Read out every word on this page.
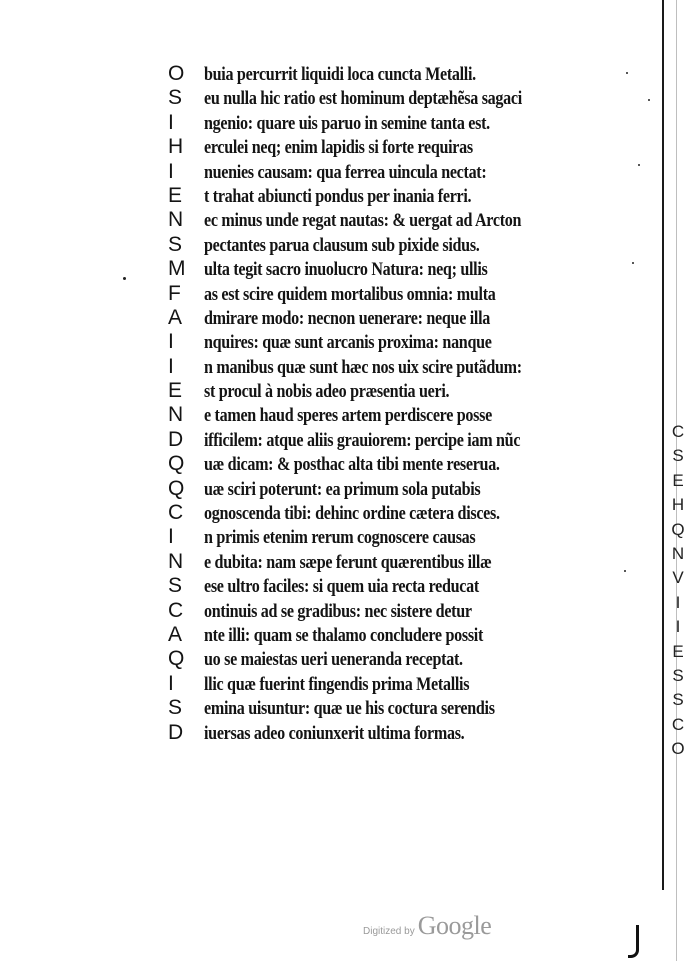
O	buia percurrit liquidi loca cuncta Metalli.
S	eu nulla hic ratio est hominum deptæhẽsa sagaci
I	ngenio: quare uis paruo in semine tanta est.
H	erculei neq; enim lapidis si forte requiras
I	nuenies causam: qua ferrea uincula nectat:
E	t trahat abiuncti pondus per inania ferri.
N	ec minus unde regat nautas: & uergat ad Arcton
S	pectantes parua clausum sub pixide sidus.
M	ulta tegit sacro inuolucro Natura: neq; ullis
F	as est scire quidem mortalibus omnia: multa
A	dmirare modo: necnon uenerare: neque illa
I	nquires: quæ sunt arcanis proxima: nanque
I	n manibus quæ sunt hæc nos uix scire putãdum:
E	st procul à nobis adeo præsentia ueri.
N	e tamen haud speres artem perdiscere posse
D	ifficilem: atque aliis grauiorem: percipe iam nũc
Q	uæ dicam: & posthac alta tibi mente reserua.
Q	uæ sciri poterunt: ea primum sola putabis
C	ognoscenda tibi: dehinc ordine cætera disces.
I	n primis etenim rerum cognoscere causas
N	e dubita: nam sæpe ferunt quærentibus illæ
S	ese ultro faciles: si quem uia recta reducat
C	ontinuis ad se gradibus: nec sistere detur
A	nte illi: quam se thalamo concludere possit
Q	uo se maiestas ueri ueneranda receptat.
I	llic quæ fuerint fingendis prima Metallis
S	emina uisuntur: quæ ue his coctura serendis
D	iuersas adeo coniunxerit ultima formas.
C
S
E
H
Q
N
V
I
I
E
S
S
C
O
Digitized by Google
